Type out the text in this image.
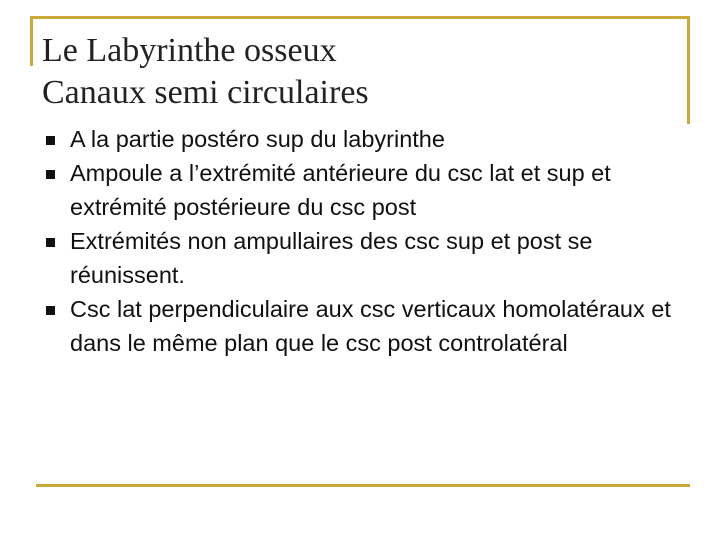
Le Labyrinthe osseux
Canaux semi circulaires
A la partie postéro sup du labyrinthe
Ampoule a l’extrémité antérieure du csc lat et sup et extrémité postérieure du csc post
Extrémités non ampullaires des csc sup et post se réunissent.
Csc lat perpendiculaire aux csc verticaux homolatéraux et dans le même plan que le csc post controlatéral
